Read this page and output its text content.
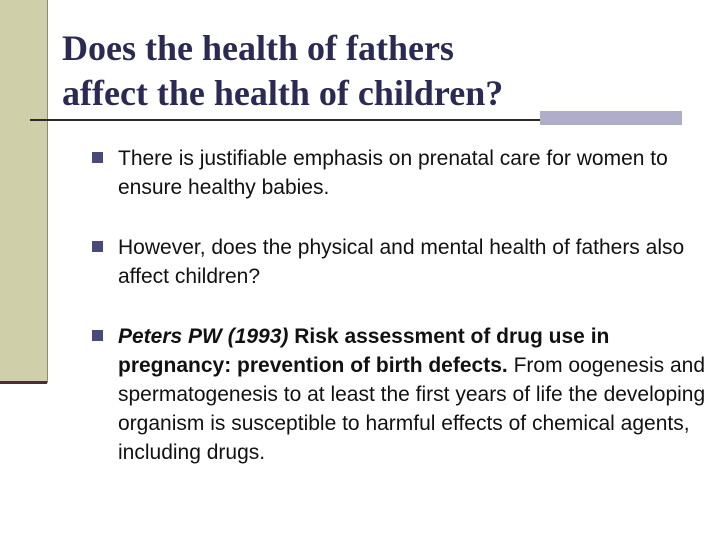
Does the health of fathers
affect the health of children?
There is justifiable emphasis on prenatal care for women to ensure healthy babies.
However, does the physical and mental health of fathers also affect children?
Peters PW (1993) Risk assessment of drug use in pregnancy: prevention of birth defects. From oogenesis and spermatogenesis to at least the first years of life the developing organism is susceptible to harmful effects of chemical agents, including drugs.
